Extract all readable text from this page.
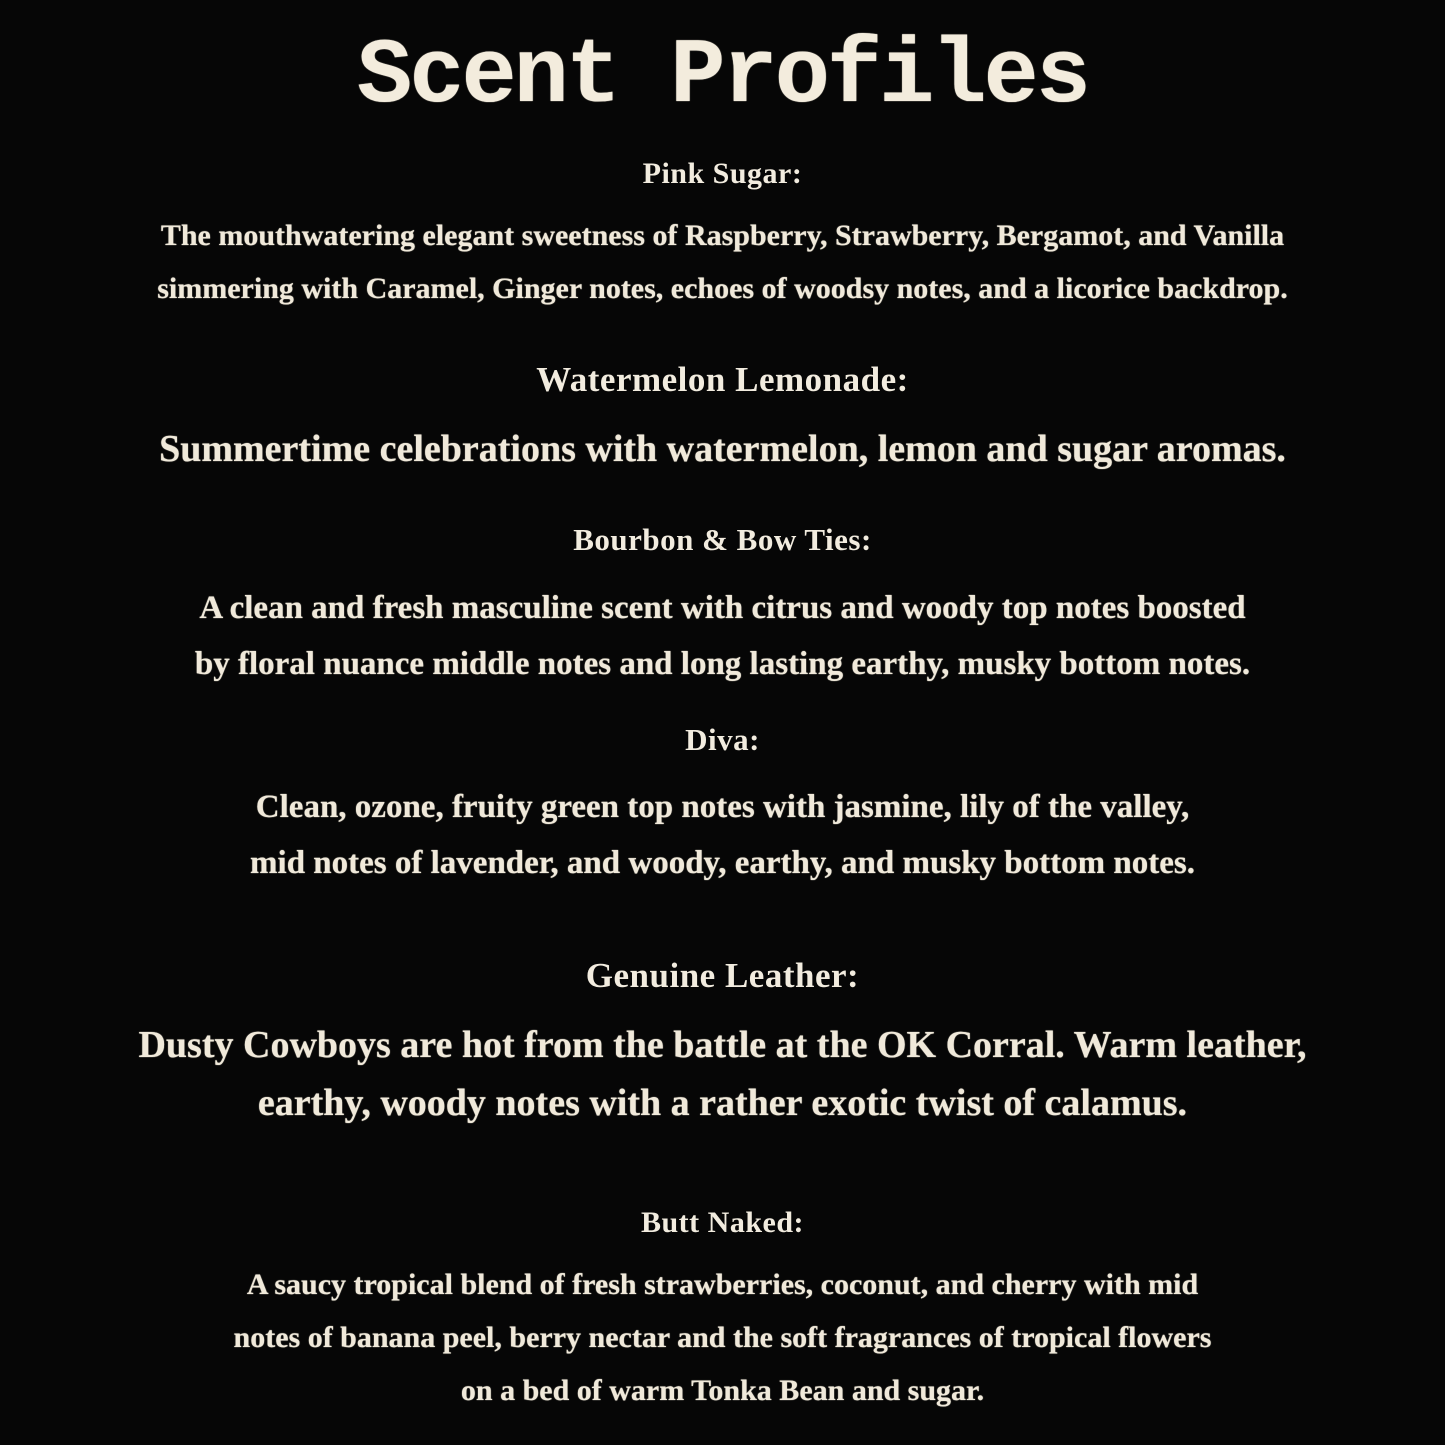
Scent Profiles
Pink Sugar:

The mouthwatering elegant sweetness of Raspberry, Strawberry, Bergamot, and Vanilla

simmering with Caramel, Ginger notes, echoes of woodsy notes, and a licorice backdrop.

Watermelon Lemonade:

Summertime celebrations with watermelon, lemon and sugar aromas.

Bourbon & Bow Ties:

A clean and fresh masculine scent with citrus and woody top notes boosted

by floral nuance middle notes and long lasting earthy, musky bottom notes.

Diva:

Clean, ozone, fruity green top notes with jasmine, lily of the valley,

mid notes of lavender, and woody, earthy, and musky bottom notes.

Genuine Leather:

Dusty Cowboys are hot from the battle at the OK Corral. Warm leather,

earthy, woody notes with a rather exotic twist of calamus.

Butt Naked:

A saucy tropical blend of fresh strawberries, coconut, and cherry with mid

notes of banana peel, berry nectar and the soft fragrances of tropical flowers

on a bed of warm Tonka Bean and sugar.
